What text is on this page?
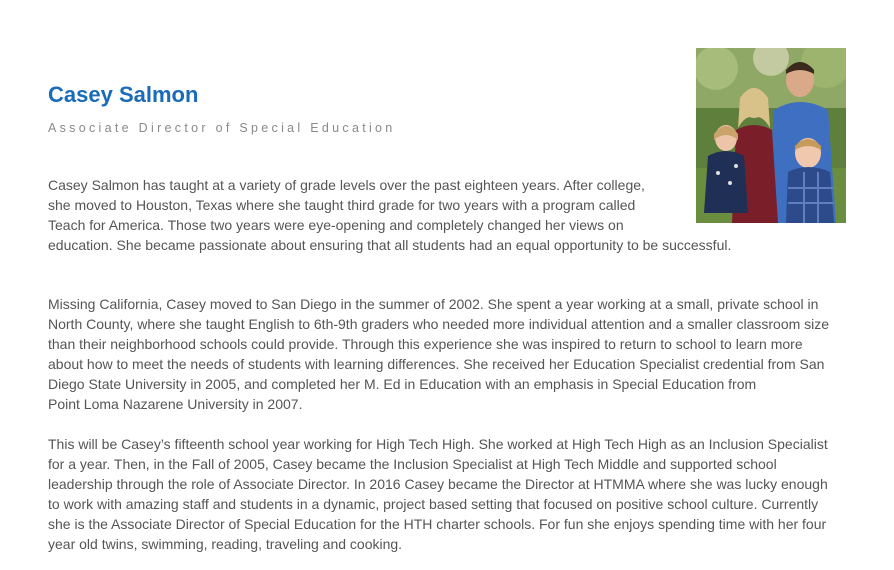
Casey Salmon

Associate Director of Special Education

Casey Salmon has taught at a variety of grade levels over the past eighteen years. After college,
she moved to Houston, Texas where she taught third grade for two years with a program called
Teach for America. Those two years were eye-opening and completely changed her views on
education. She became passionate about ensuring that all students had an equal opportunity to be successful.

Missing California, Casey moved to San Diego in the summer of 2002. She spent a year working at a small, private school in
North County, where she taught English to 6th-9th graders who needed more individual attention and a smaller classroom size
than their neighborhood schools could provide. Through this experience she was inspired to return to school to learn more
about how to meet the needs of students with learning differences. She received her Education Specialist credential from San
Diego State University in 2005, and completed her M. Ed in Education with an emphasis in Special Education from
Point Loma Nazarene University in 2007.

This will be Casey’s fifteenth school year working for High Tech High. She worked at High Tech High as an Inclusion Specialist
for a year. Then, in the Fall of 2005, Casey became the Inclusion Specialist at High Tech Middle and supported school
leadership through the role of Associate Director. In 2016 Casey became the Director at HTMMA where she was lucky enough
to work with amazing staff and students in a dynamic, project based setting that focused on positive school culture. Currently
she is the Associate Director of Special Education for the HTH charter schools. For fun she enjoys spending time with her four
year old twins, swimming, reading, traveling and cooking.
